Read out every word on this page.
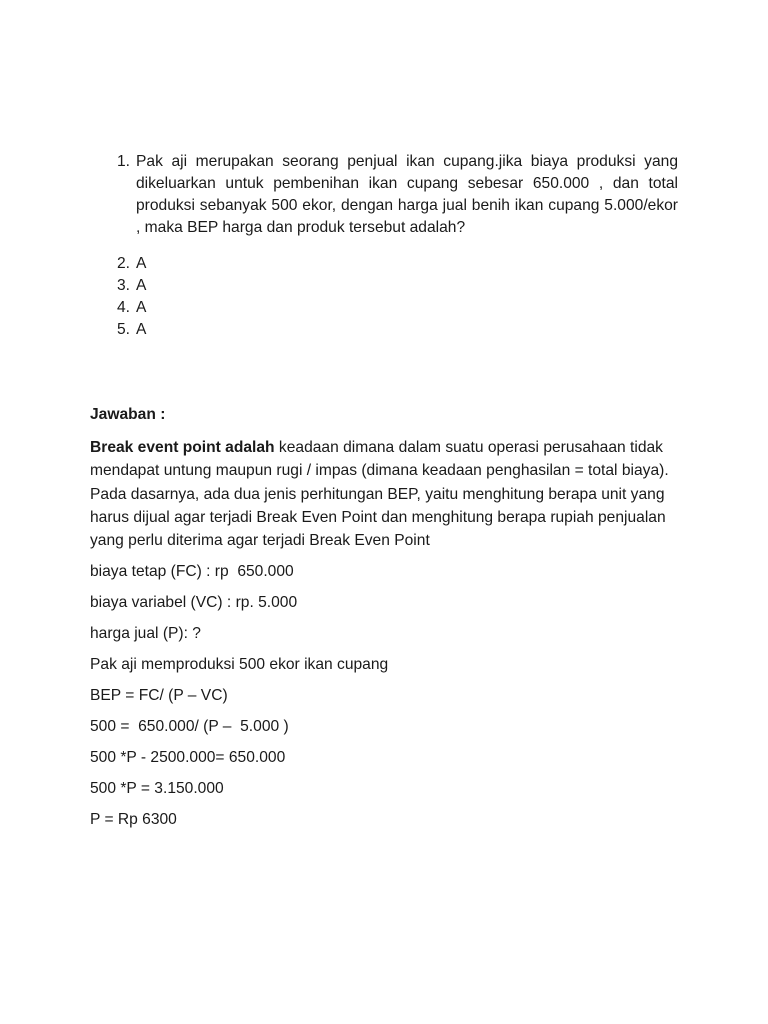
1. Pak aji merupakan seorang penjual ikan cupang.jika biaya produksi yang dikeluarkan untuk pembenihan ikan cupang sebesar 650.000 , dan total produksi sebanyak 500 ekor, dengan harga jual benih ikan cupang 5.000/ekor , maka BEP harga dan produk tersebut adalah?
2. A
3. A
4. A
5. A
Jawaban :
Break event point adalah keadaan dimana dalam suatu operasi perusahaan tidak mendapat untung maupun rugi / impas (dimana keadaan penghasilan = total biaya). Pada dasarnya, ada dua jenis perhitungan BEP, yaitu menghitung berapa unit yang harus dijual agar terjadi Break Even Point dan menghitung berapa rupiah penjualan yang perlu diterima agar terjadi Break Even Point
biaya tetap (FC) : rp  650.000
biaya variabel (VC) : rp. 5.000
harga jual (P): ?
Pak aji memproduksi 500 ekor ikan cupang
BEP = FC/ (P – VC)
500 =  650.000/ (P –  5.000 )
500 *P - 2500.000= 650.000
500 *P = 3.150.000
P = Rp 6300
